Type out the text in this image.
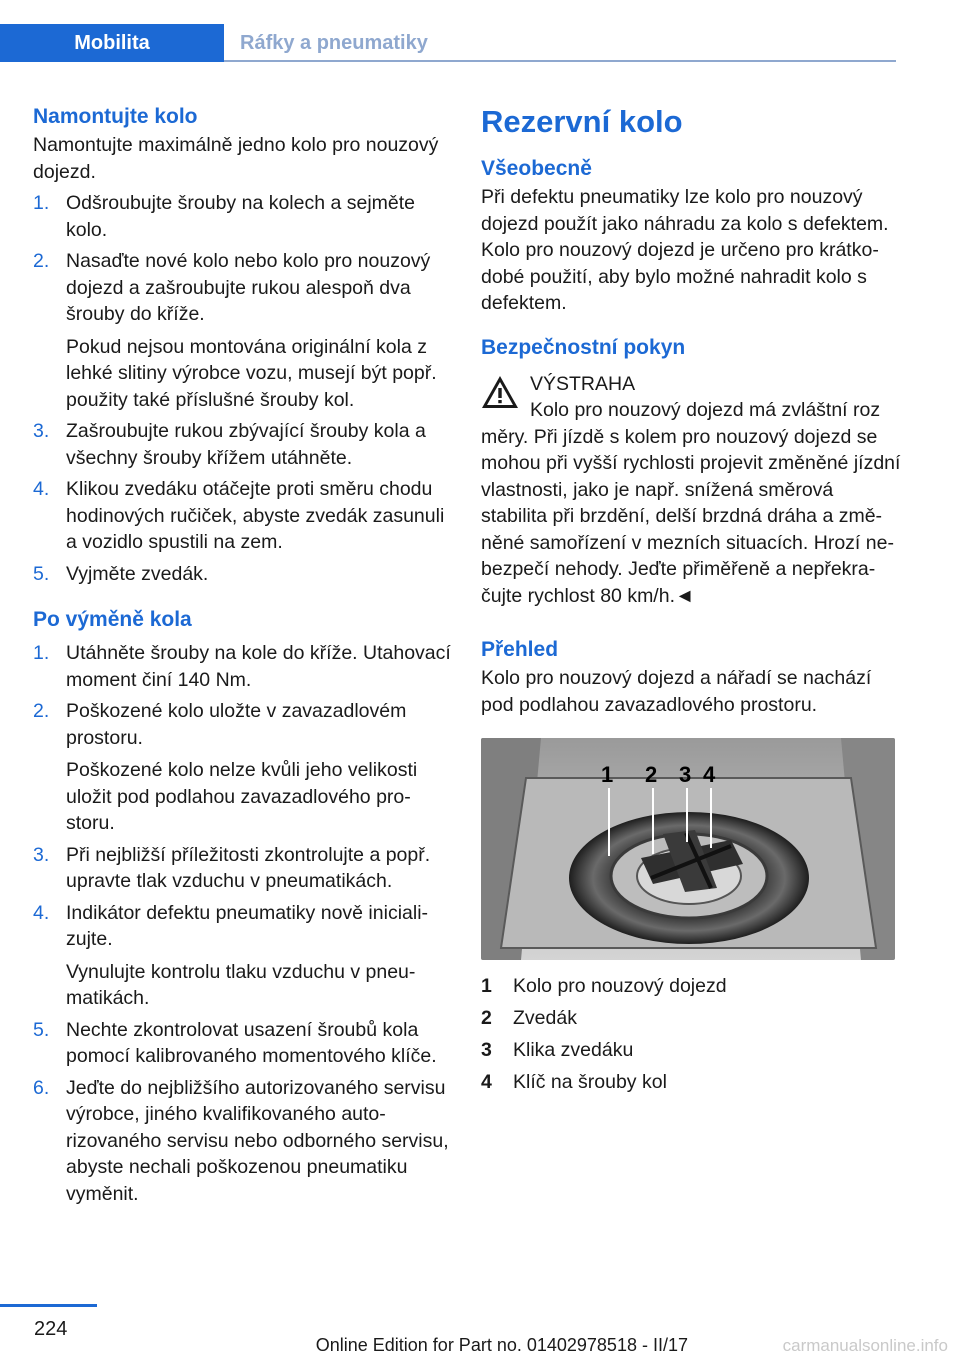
Mobilita	Ráfky a pneumatiky
Namontujte kolo
Namontujte maximálně jedno kolo pro nouzový dojezd.
1. Odšroubujte šrouby na kolech a sejměte kolo.
2. Nasaďte nové kolo nebo kolo pro nouzový dojezd a zašroubujte rukou alespoň dva šrouby do kříže.
Pokud nejsou montována originální kola z lehké slitiny výrobce vozu, musejí být popř. použity také příslušné šrouby kol.
3. Zašroubujte rukou zbývající šrouby kola a všechny šrouby křížem utáhněte.
4. Klikou zvedáku otáčejte proti směru chodu hodinových ručiček, abyste zvedák zasunuli a vozidlo spustili na zem.
5. Vyjměte zvedák.
Po výměně kola
1. Utáhněte šrouby na kole do kříže. Utahovací moment činí 140 Nm.
2. Poškozené kolo uložte v zavazadlovém prostoru.
Poškozené kolo nelze kvůli jeho velikosti uložit pod podlahou zavazadlového prostoru.
3. Při nejbližší příležitosti zkontrolujte a popř. upravte tlak vzduchu v pneumatikách.
4. Indikátor defektu pneumatiky nově inicializujte.
Vynulujte kontrolu tlaku vzduchu v pneumatikách.
5. Nechte zkontrolovat usazení šroubů kola pomocí kalibrovaného momentového klíče.
6. Jeďte do nejbližšího autorizovaného servisu výrobce, jiného kvalifikovaného autorizovaného servisu nebo odborného servisu, abyste nechali poškozenou pneumatiku vyměnit.
Rezervní kolo
Všeobecně
Při defektu pneumatiky lze kolo pro nouzový dojezd použít jako náhradu za kolo s defektem. Kolo pro nouzový dojezd je určeno pro krátkodobé použití, aby bylo možné nahradit kolo s defektem.
Bezpečnostní pokyn
VÝSTRAHA
Kolo pro nouzový dojezd má zvláštní roz
měry. Při jízdě s kolem pro nouzový dojezd se mohou při vyšší rychlosti projevit změněné jízdní vlastnosti, jako je např. snížená směrová stabilita při brzdění, delší brzdná dráha a změněné samořízení v mezních situacích. Hrozí nebezpečí nehody. Jeďte přiměřeně a nepřekračujte rychlost 80 km/h.◄
Přehled
Kolo pro nouzový dojezd a nářadí se nachází pod podlahou zavazadlového prostoru.
1 2 3 4
1	Kolo pro nouzový dojezd
2	Zvedák
3	Klika zvedáku
4	Klíč na šrouby kol
224
Online Edition for Part no. 01402978518 - II/17	carmanualsonline.info
